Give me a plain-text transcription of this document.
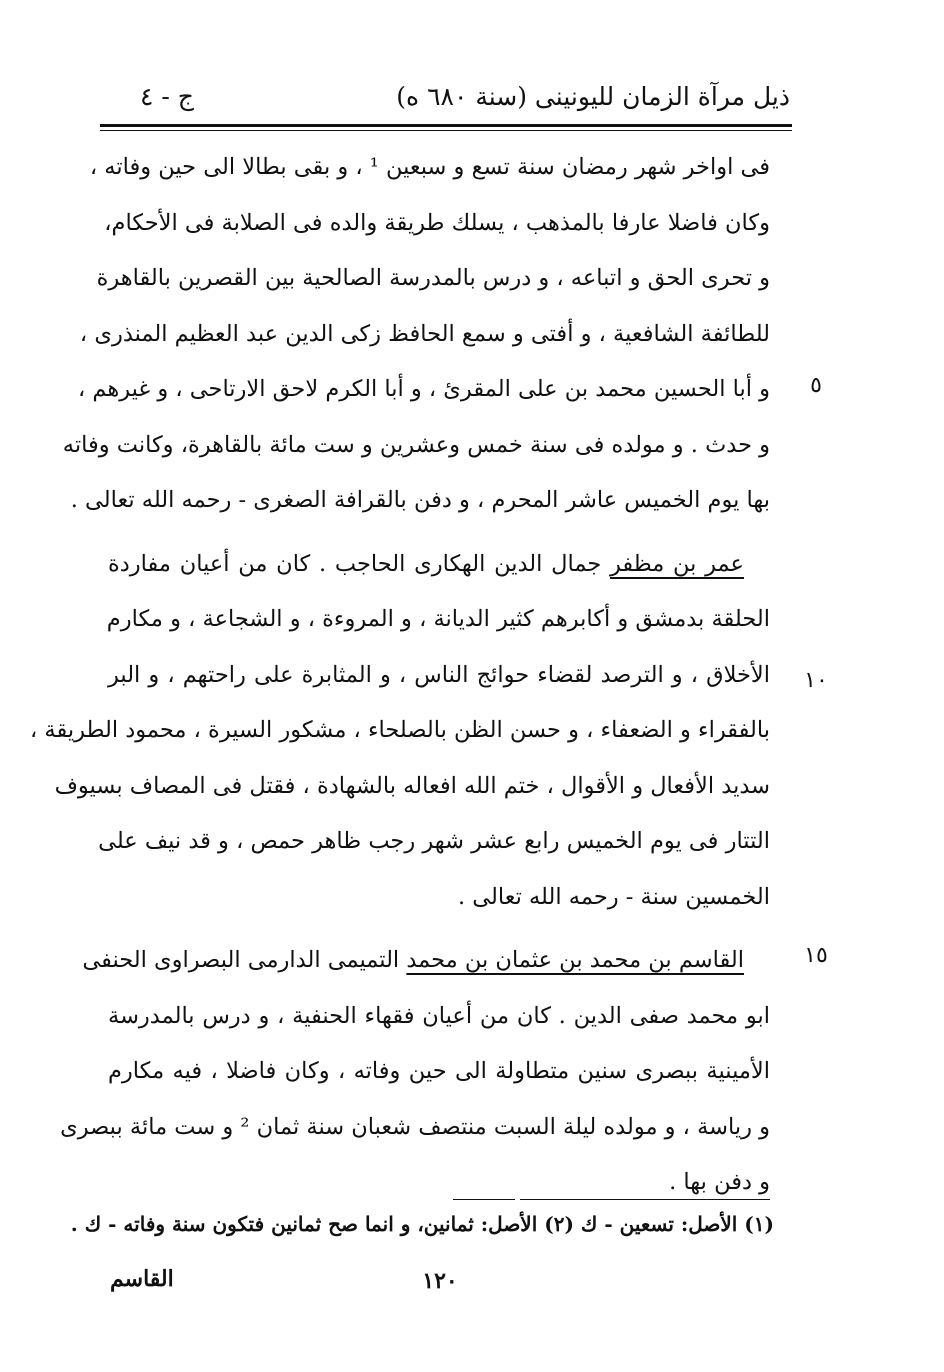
ذيل مرآة الزمان لليونينى (سنة ٦٨٠ ه)
ج - ٤
٥
١٠
١٥
فى اواخر شهر رمضان سنة تسع و سبعين ¹ ، و بقى بطالا الى حين وفاته ،
وكان فاضلا عارفا بالمذهب ، يسلك طريقة والده فى الصلابة فى الأحكام،
و تحرى الحق و اتباعه ، و درس بالمدرسة الصالحية بين القصرين بالقاهرة
للطائفة الشافعية ، و أفتى و سمع الحافظ زكى الدين عبد العظيم المنذرى ،
و أبا الحسين محمد بن على المقرئ ، و أبا الكرم لاحق الارتاحى ، و غيرهم ،
و حدث . و مولده فى سنة خمس وعشرين و ست مائة بالقاهرة، وكانت وفاته
بها يوم الخميس عاشر المحرم ، و دفن بالقرافة الصغرى - رحمه الله تعالى .
عمر بن مظفر جمال الدين الهكارى الحاجب . كان من أعيان مفاردة
الحلقة بدمشق و أكابرهم كثير الديانة ، و المروءة ، و الشجاعة ، و مكارم
الأخلاق ، و الترصد لقضاء حوائج الناس ، و المثابرة على راحتهم ، و البر
بالفقراء و الضعفاء ، و حسن الظن بالصلحاء ، مشكور السيرة ، محمود الطريقة ،
سديد الأفعال و الأقوال ، ختم الله افعاله بالشهادة ، فقتل فى المصاف بسيوف
التتار فى يوم الخميس رابع عشر شهر رجب ظاهر حمص ، و قد نيف على
الخمسين سنة - رحمه الله تعالى .
القاسم بن محمد بن عثمان بن محمد التميمى الدارمى البصراوى الحنفى
ابو محمد صفى الدين . كان من أعيان فقهاء الحنفية ، و درس بالمدرسة
الأمينية ببصرى سنين متطاولة الى حين وفاته ، وكان فاضلا ، فيه مكارم
و رياسة ، و مولده ليلة السبت منتصف شعبان سنة ثمان ² و ست مائة ببصرى
و دفن بها .
(١) الأصل: تسعين - ك (٢) الأصل: ثمانين، و انما صح ثمانين فتكون سنة وفاته - ك .
١٢٠
القاسم
